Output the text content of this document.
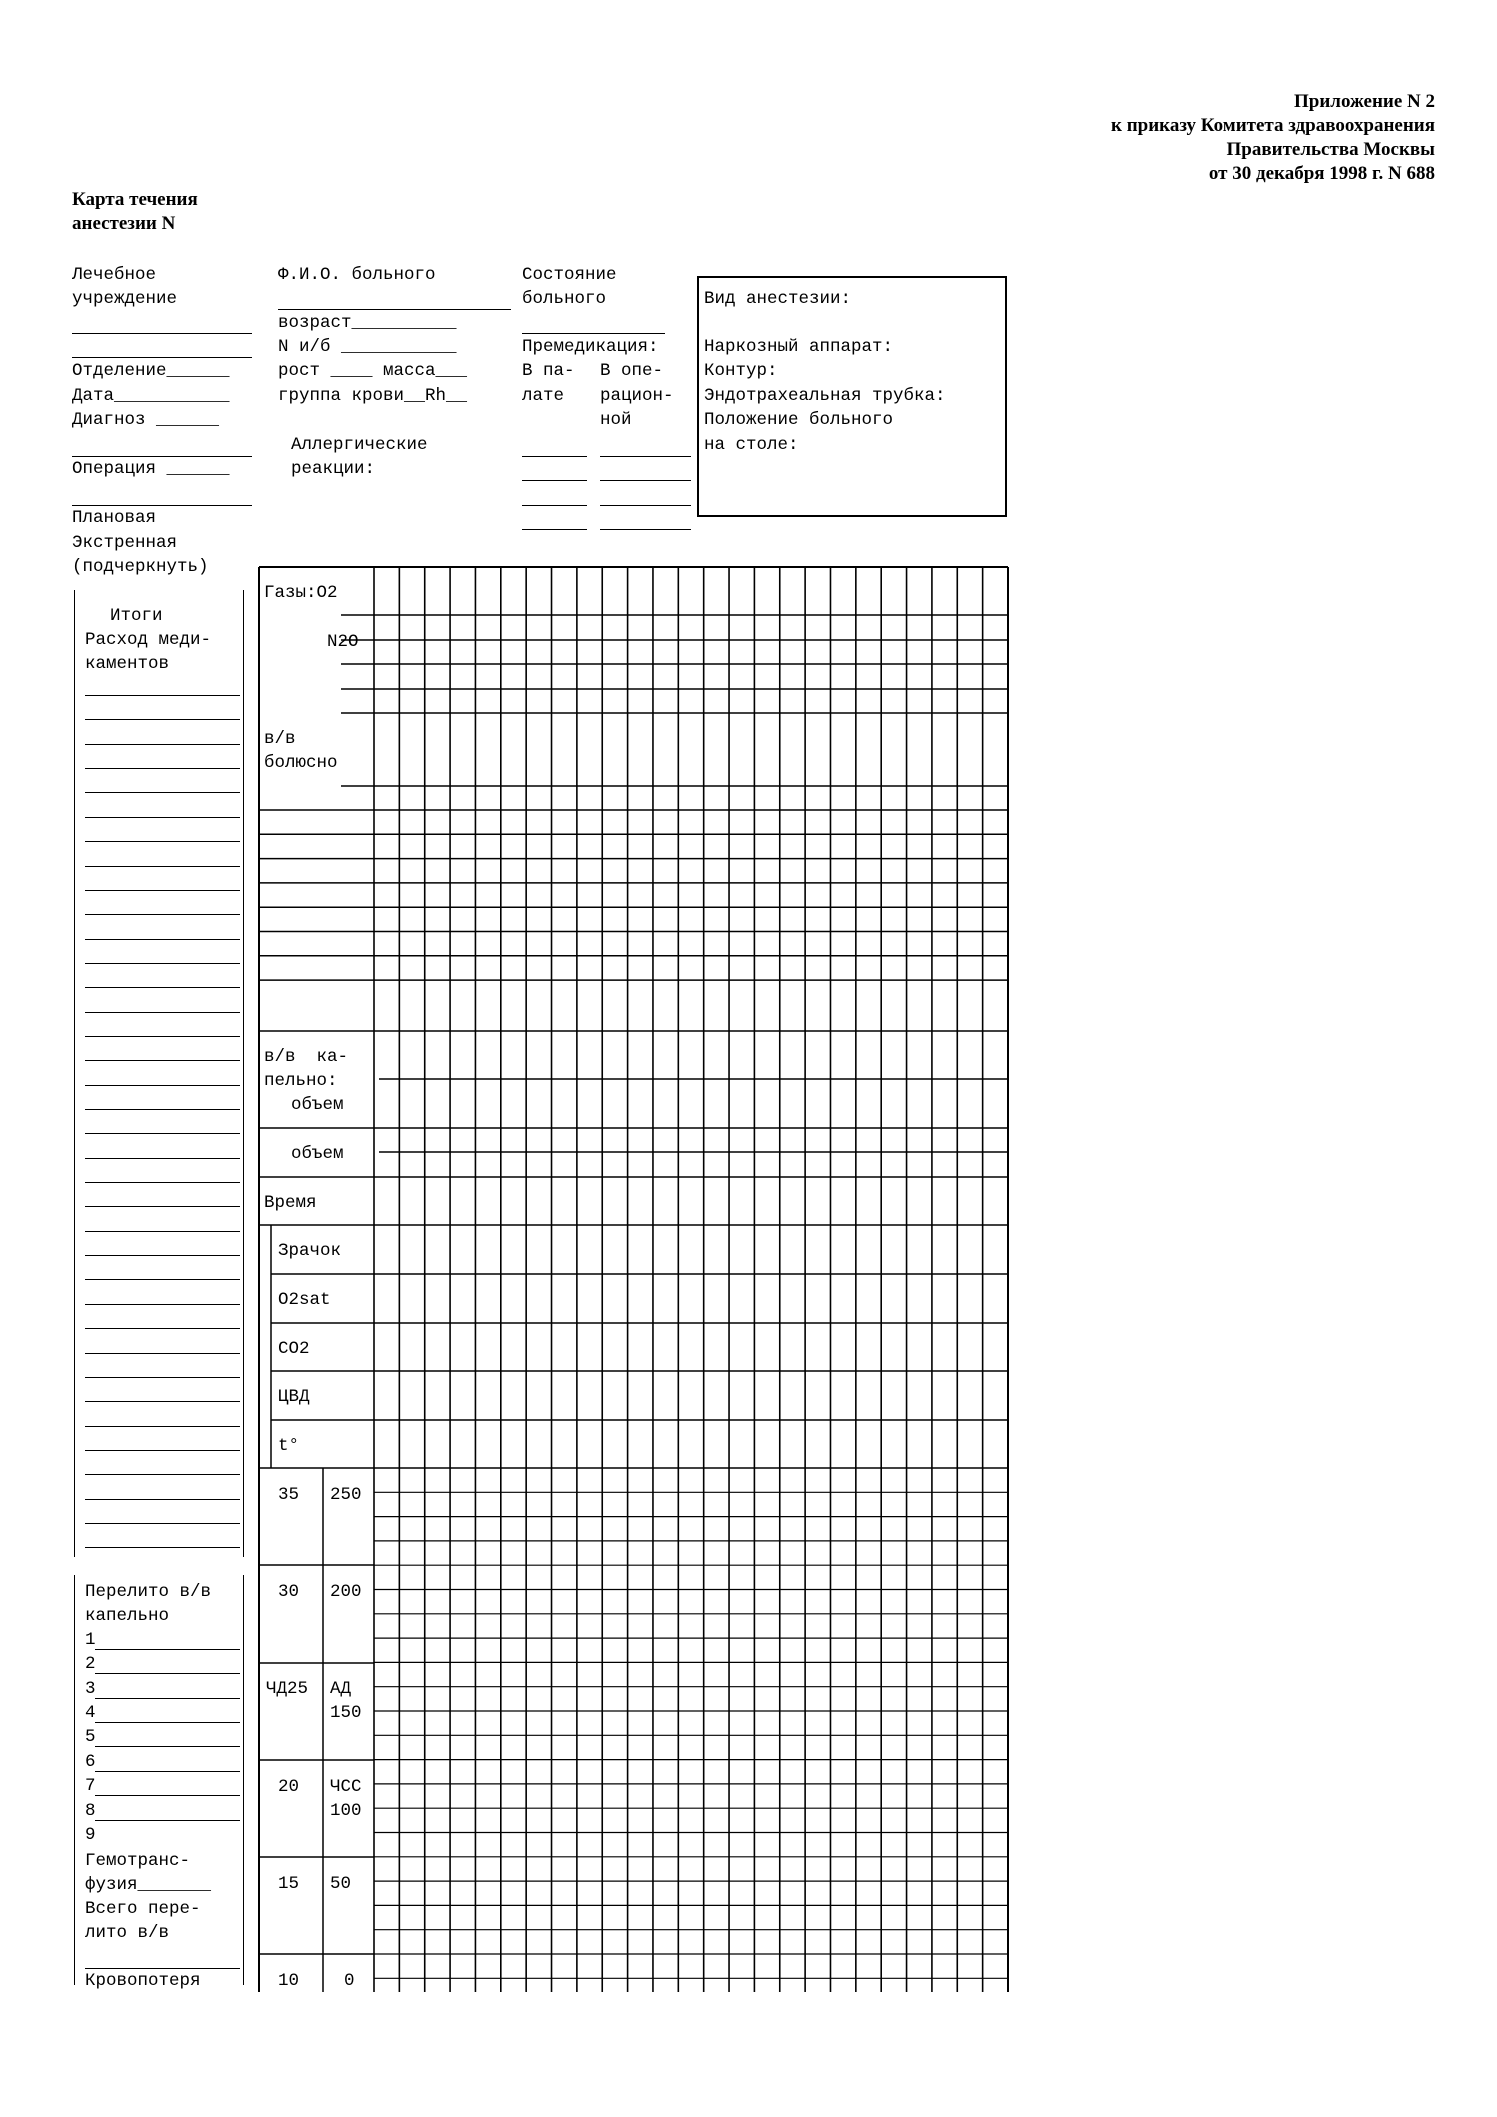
Приложение N 2
к приказу Комитета здравоохранения
Правительства Москвы
от 30 декабря 1998 г. N 688
Карта течения
анестезии N
Лечебное
учреждение
Отделение______
Дата___________
Диагноз ______
Операция ______
Плановая
Экстренная
(подчеркнуть)
Ф.И.О. больного
возраст__________
N и/б ___________
рост ____ масса___
группа крови__Rh__
Аллергические
реакции:
Состояние
больного
Премедикация:
В па-
лате
В опе-
рацион-
ной
Вид анестезии:
Наркозный аппарат:
Контур:
Эндотрахеальная трубка:
Положение больного
на столе:
Итоги
Расход меди-
каментов
Перелито в/в
капельно
1
2
3
4
5
6
7
8
9
Гемотранс-
фузия_______
Всего пере-
лито в/в
Кровопотеря
Газы:O2
N2O
в/в
болюсно
в/в  ка-
пельно:
объем
объем
Время
Зрачок
O2sat
CO2
ЦВД
t°
35
30
ЧД25
20
15
10
250
200
АД
150
ЧСС
100
50
0
